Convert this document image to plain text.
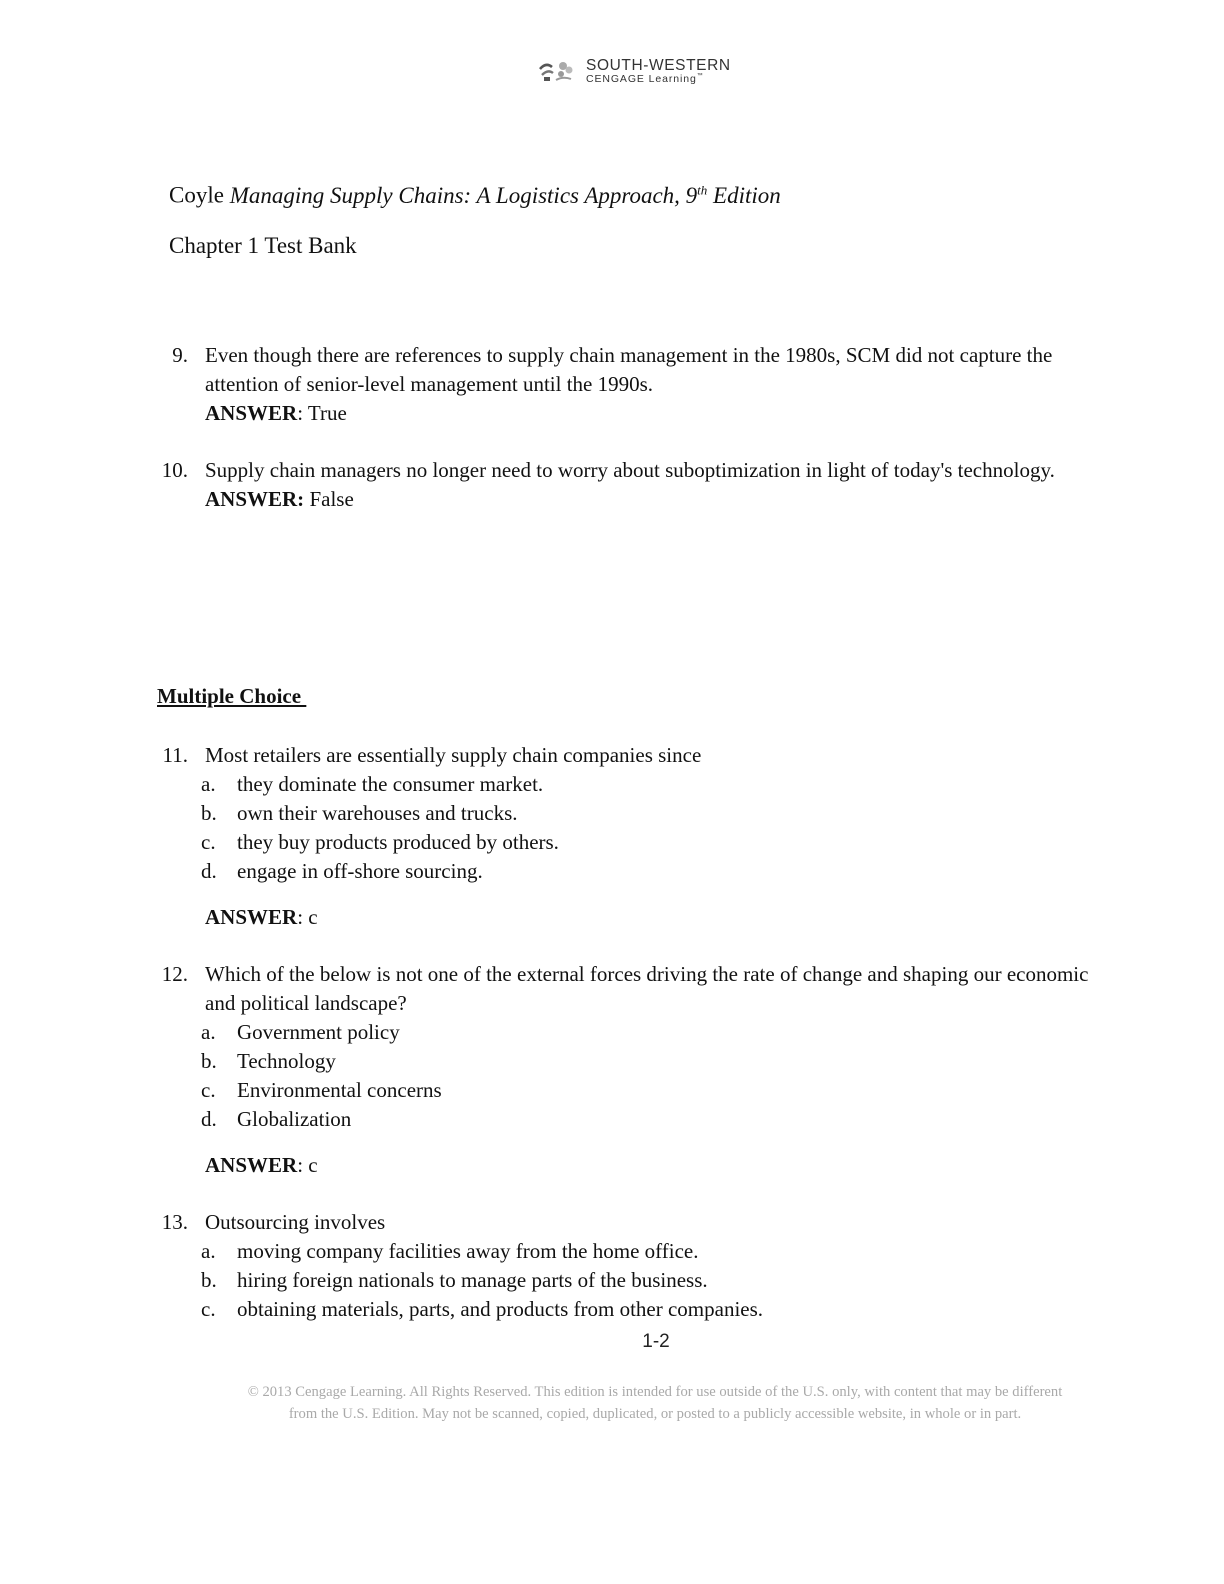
SOUTH-WESTERN
CENGAGE Learning™
Coyle Managing Supply Chains: A Logistics Approach, 9th Edition
Chapter 1 Test Bank
9. Even though there are references to supply chain management in the 1980s, SCM did not capture the attention of senior-level management until the 1990s.
ANSWER: True
10. Supply chain managers no longer need to worry about suboptimization in light of today's technology.
ANSWER: False
Multiple Choice
11. Most retailers are essentially supply chain companies since
a. they dominate the consumer market.
b. own their warehouses and trucks.
c. they buy products produced by others.
d. engage in off-shore sourcing.
ANSWER: c
12. Which of the below is not one of the external forces driving the rate of change and shaping our economic and political landscape?
a. Government policy
b. Technology
c. Environmental concerns
d. Globalization
ANSWER: c
13. Outsourcing involves
a. moving company facilities away from the home office.
b. hiring foreign nationals to manage parts of the business.
c. obtaining materials, parts, and products from other companies.
1-2
© 2013 Cengage Learning. All Rights Reserved. This edition is intended for use outside of the U.S. only, with content that may be different
from the U.S. Edition. May not be scanned, copied, duplicated, or posted to a publicly accessible website, in whole or in part.
